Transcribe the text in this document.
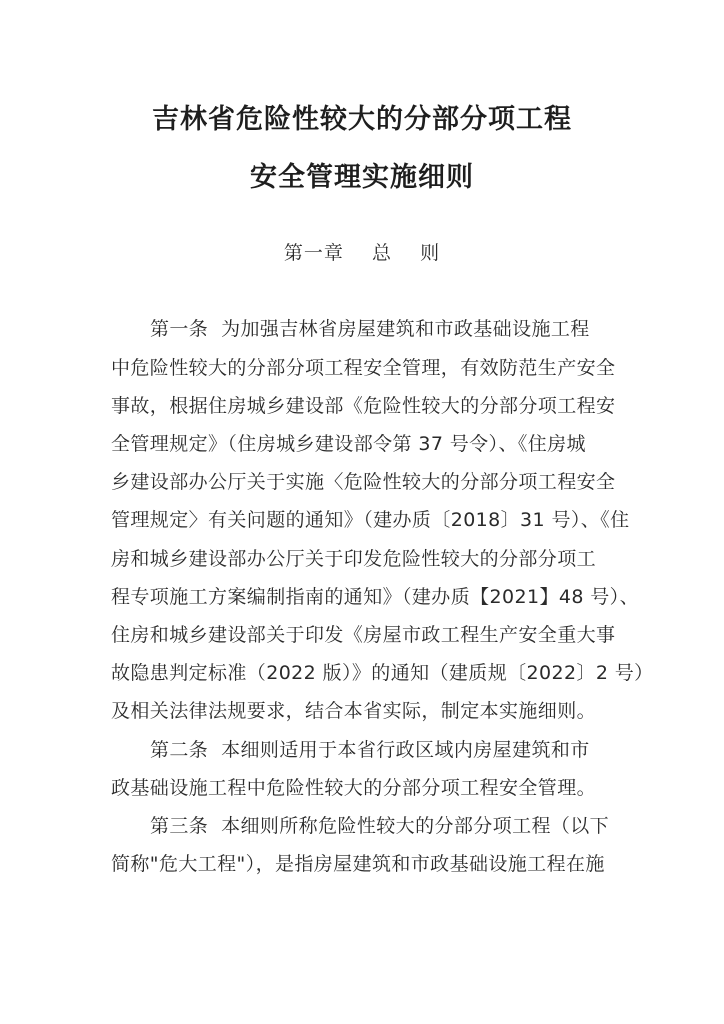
吉林省危险性较大的分部分项工程
安全管理实施细则
第一章    总    则
第一条  为加强吉林省房屋建筑和市政基础设施工程
中危险性较大的分部分项工程安全管理，有效防范生产安全
事故，根据住房城乡建设部《危险性较大的分部分项工程安
全管理规定》（住房城乡建设部令第 37 号令）、《住房城
乡建设部办公厅关于实施〈危险性较大的分部分项工程安全
管理规定〉有关问题的通知》（建办质〔2018〕31 号）、《住
房和城乡建设部办公厅关于印发危险性较大的分部分项工
程专项施工方案编制指南的通知》（建办质【2021】48 号）、
住房和城乡建设部关于印发《房屋市政工程生产安全重大事
故隐患判定标准（2022 版）》的通知（建质规〔2022〕2 号）
及相关法律法规要求，结合本省实际，制定本实施细则。
第二条  本细则适用于本省行政区域内房屋建筑和市
政基础设施工程中危险性较大的分部分项工程安全管理。
第三条  本细则所称危险性较大的分部分项工程（以下
简称"危大工程"），是指房屋建筑和市政基础设施工程在施
